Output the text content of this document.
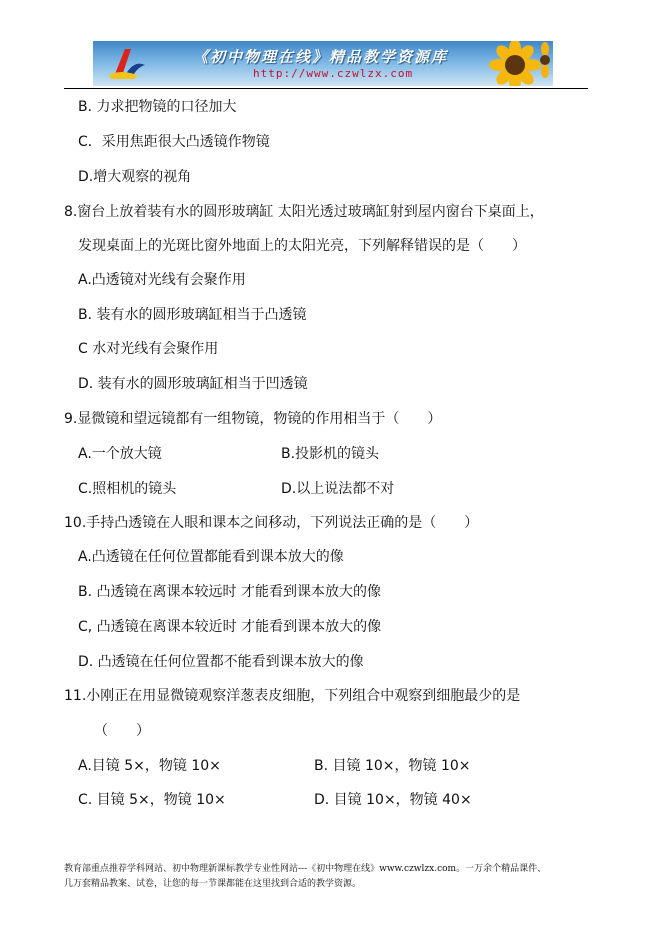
《初中物理在线》精品教学资源库
http://www.czwlzx.com
B. 力求把物镜的口径加大
C．采用焦距很大凸透镜作物镜
D.增大观察的视角
8.窗台上放着装有水的圆形玻璃缸 太阳光透过玻璃缸射到屋内窗台下桌面上，
发现桌面上的光斑比窗外地面上的太阳光亮，下列解释错误的是（　　）
A.凸透镜对光线有会聚作用
B. 装有水的圆形玻璃缸相当于凸透镜
C 水对光线有会聚作用
D. 装有水的圆形玻璃缸相当于凹透镜
9.显微镜和望远镜都有一组物镜，物镜的作用相当于（　　）
A.一个放大镜	B.投影机的镜头
C.照相机的镜头	D.以上说法都不对
10.手持凸透镜在人眼和课本之间移动，下列说法正确的是（　　）
A.凸透镜在任何位置都能看到课本放大的像
B. 凸透镜在离课本较远时 才能看到课本放大的像
C, 凸透镜在离课本较近时 才能看到课本放大的像
D. 凸透镜在任何位置都不能看到课本放大的像
11.小刚正在用显微镜观察洋葱表皮细胞，下列组合中观察到细胞最少的是
（　　）
A.目镜 5×，物镜 10×	B. 目镜 10×，物镜 10×
C. 目镜 5×，物镜 10×	D. 目镜 10×，物镜 40×
教育部重点推荐学科网站、初中物理新课标教学专业性网站---《初中物理在线》www.czwlzx.com。一万余个精品课件、
几万套精品教案、试卷，让您的每一节课都能在这里找到合适的教学资源。
